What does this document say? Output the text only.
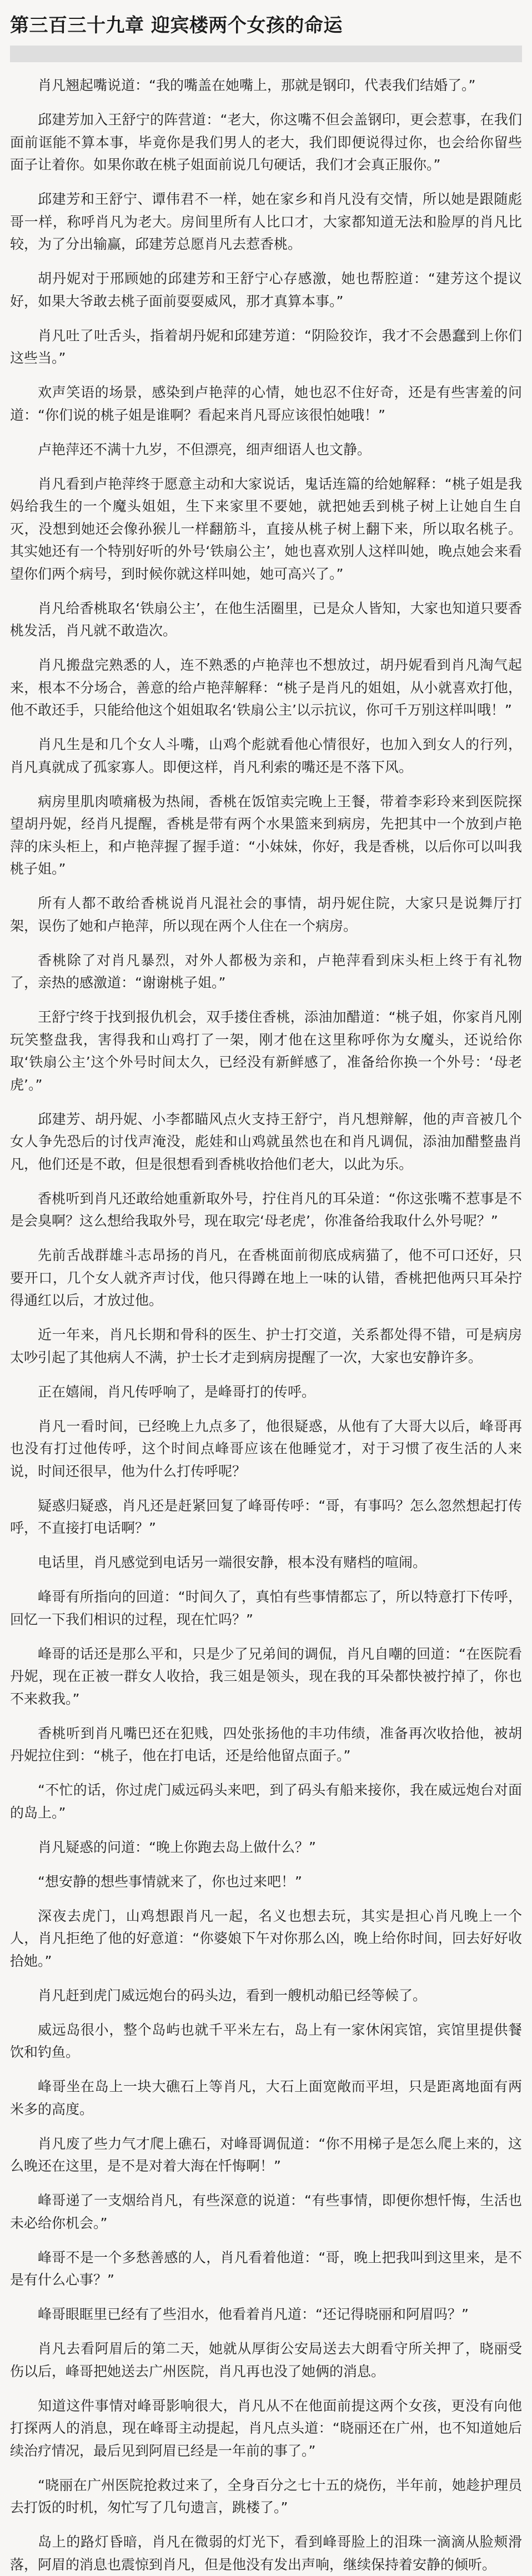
第三百三十九章 迎宾楼两个女孩的命运

肖凡翘起嘴说道：“我的嘴盖在她嘴上，那就是钢印，代表我们结婚了。”

邱建芳加入王舒宁的阵营道：“老大，你这嘴不但会盖钢印，更会惹事，在我们面前诓能不算本事，毕竟你是我们男人的老大，我们即便说得过你，也会给你留些面子让着你。如果你敢在桃子姐面前说几句硬话，我们才会真正服你。”

邱建芳和王舒宁、谭伟君不一样，她在家乡和肖凡没有交情，所以她是跟随彪哥一样，称呼肖凡为老大。房间里所有人比口才，大家都知道无法和脸厚的肖凡比较，为了分出输赢，邱建芳总愿肖凡去惹香桃。

胡丹妮对于邢顾她的邱建芳和王舒宁心存感激，她也帮腔道：“建芳这个提议好，如果大爷敢去桃子面前耍耍威风，那才真算本事。”

肖凡吐了吐舌头，指着胡丹妮和邱建芳道：“阴险狡诈，我才不会愚蠢到上你们这些当。”

欢声笑语的场景，感染到卢艳萍的心情，她也忍不住好奇，还是有些害羞的问道：“你们说的桃子姐是谁啊？看起来肖凡哥应该很怕她哦！”

卢艳萍还不满十九岁，不但漂亮，细声细语人也文静。

肖凡看到卢艳萍终于愿意主动和大家说话，鬼话连篇的给她解释：“桃子姐是我妈给我生的一个魔头姐姐，生下来家里不要她，就把她丢到桃子树上让她自生自灭，没想到她还会像孙猴儿一样翻筋斗，直接从桃子树上翻下来，所以取名桃子。其实她还有一个特别好听的外号‘铁扇公主’，她也喜欢别人这样叫她，晚点她会来看望你们两个病号，到时候你就这样叫她，她可高兴了。”

肖凡给香桃取名‘铁扇公主’，在他生活圈里，已是众人皆知，大家也知道只要香桃发活，肖凡就不敢造次。

肖凡搬盘完熟悉的人，连不熟悉的卢艳萍也不想放过，胡丹妮看到肖凡淘气起来，根本不分场合，善意的给卢艳萍解释：“桃子是肖凡的姐姐，从小就喜欢打他，他不敢还手，只能给他这个姐姐取名‘铁扇公主’以示抗议，你可千万别这样叫哦！”

肖凡生是和几个女人斗嘴，山鸡个彪就看他心情很好，也加入到女人的行列，肖凡真就成了孤家寡人。即便这样，肖凡利索的嘴还是不落下风。

病房里肌肉喷痛极为热闹，香桃在饭馆卖完晚上王餐，带着李彩玲来到医院探望胡丹妮，经肖凡提醒，香桃是带有两个水果篮来到病房，先把其中一个放到卢艳萍的床头柜上，和卢艳萍握了握手道：“小妹妹，你好，我是香桃，以后你可以叫我桃子姐。”

所有人都不敢给香桃说肖凡混社会的事情，胡丹妮住院，大家只是说舞厅打架，误伤了她和卢艳萍，所以现在两个人住在一个病房。

香桃除了对肖凡暴烈，对外人都极为亲和，卢艳萍看到床头柜上终于有礼物了，亲热的感激道：“谢谢桃子姐。”

王舒宁终于找到报仇机会，双手搂住香桃，添油加醋道：“桃子姐，你家肖凡刚玩笑整盘我，害得我和山鸡打了一架，刚才他在这里称呼你为女魔头，还说给你取‘铁扇公主’这个外号时间太久，已经没有新鲜感了，准备给你换一个外号：‘母老虎’。”

邱建芳、胡丹妮、小李都瞄风点火支持王舒宁，肖凡想辩解，他的声音被几个女人争先恐后的讨伐声淹没，彪娃和山鸡就虽然也在和肖凡调侃，添油加醋整蛊肖凡，他们还是不敢，但是很想看到香桃收拾他们老大，以此为乐。

香桃听到肖凡还敢给她重新取外号，拧住肖凡的耳朵道：“你这张嘴不惹事是不是会臭啊？这么想给我取外号，现在取完‘母老虎’，你准备给我取什么外号呢？”

先前舌战群雄斗志昂扬的肖凡，在香桃面前彻底成病猫了，他不可口还好，只要开口，几个女人就齐声讨伐，他只得蹲在地上一味的认错，香桃把他两只耳朵拧得通红以后，才放过他。

近一年来，肖凡长期和骨科的医生、护士打交道，关系都处得不错，可是病房太吵引起了其他病人不满，护士长才走到病房提醒了一次，大家也安静许多。

正在嬉闹，肖凡传呼响了，是峰哥打的传呼。

肖凡一看时间，已经晚上九点多了，他很疑惑，从他有了大哥大以后，峰哥再也没有打过他传呼，这个时间点峰哥应该在他睡觉才，对于习惯了夜生活的人来说，时间还很早，他为什么打传呼呢？

疑惑归疑惑，肖凡还是赶紧回复了峰哥传呼：“哥，有事吗？怎么忽然想起打传呼，不直接打电话啊？”

电话里，肖凡感觉到电话另一端很安静，根本没有赌档的喧闹。

峰哥有所指向的回道：“时间久了，真怕有些事情都忘了，所以特意打下传呼，回忆一下我们相识的过程，现在忙吗？”

峰哥的话还是那么平和，只是少了兄弟间的调侃，肖凡自嘲的回道：“在医院看丹妮，现在正被一群女人收拾，我三姐是领头，现在我的耳朵都快被拧掉了，你也不来救我。”

香桃听到肖凡嘴巴还在犯贱，四处张扬他的丰功伟绩，准备再次收拾他，被胡丹妮拉住到：“桃子，他在打电话，还是给他留点面子。”

“不忙的话，你过虎门威远码头来吧，到了码头有船来接你，我在威远炮台对面的岛上。”

肖凡疑惑的问道：“晚上你跑去岛上做什么？”

“想安静的想些事情就来了，你也过来吧！”

深夜去虎门，山鸡想跟肖凡一起，名义也想去玩，其实是担心肖凡晚上一个人，肖凡拒绝了他的好意道：“你婆娘下午对你那么凶，晚上给你时间，回去好好收拾她。”

肖凡赶到虎门威远炮台的码头边，看到一艘机动船已经等候了。

威远岛很小，整个岛屿也就千平米左右，岛上有一家休闲宾馆，宾馆里提供餐饮和钓鱼。

峰哥坐在岛上一块大礁石上等肖凡，大石上面宽敞而平坦，只是距离地面有两米多的高度。

肖凡废了些力气才爬上礁石，对峰哥调侃道：“你不用梯子是怎么爬上来的，这么晚还在这里，是不是对着大海在忏悔啊！”

峰哥递了一支烟给肖凡，有些深意的说道：“有些事情，即便你想忏悔，生活也未必给你机会。”

峰哥不是一个多愁善感的人，肖凡看着他道：“哥，晚上把我叫到这里来，是不是有什么心事？”

峰哥眼眶里已经有了些泪水，他看着肖凡道：“还记得晓丽和阿眉吗？”

肖凡去看阿眉后的第二天，她就从厚街公安局送去大朗看守所关押了，晓丽受伤以后，峰哥把她送去广州医院，肖凡再也没了她俩的消息。

知道这件事情对峰哥影响很大，肖凡从不在他面前提这两个女孩，更没有向他打探两人的消息，现在峰哥主动提起，肖凡点头道：“晓丽还在广州，也不知道她后续治疗情况，最后见到阿眉已经是一年前的事了。”

“晓丽在广州医院抢救过来了，全身百分之七十五的烧伤，半年前，她趁护理员去打饭的时机，匆忙写了几句遗言，跳楼了。”

岛上的路灯昏暗，肖凡在微弱的灯光下，看到峰哥脸上的泪珠一滴滴从脸颊滑落，阿眉的消息也震惊到肖凡，但是他没有发出声响，继续保持着安静的倾听。
